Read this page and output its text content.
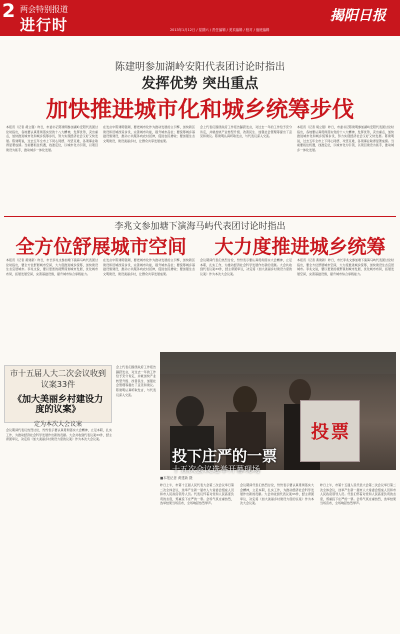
2 两会特别报道
进行时	揭阳日报
2013年1月12日 / 星期六 / 责任编辑 / 美术编辑 / 校对 / 值班编辑
陈建明参加湖岭安阳代表团讨论时指出
发挥优势 突出重点
加快推进城市化和城乡统筹步伐
本报讯（记者 胡立强）昨日，市委书记陈建明参加湖岭安阳代表团讨论时指出，各地要认真贯彻落实党的十八大精神，发挥优势，突出重点，加快推进城市化和城乡统筹步伐，努力实现经济社会又好又快发展。陈建明说，过去五年全市上下同心同德、攻坚克难，各项事业取得显著成绩。当前要抓住机遇，找准定位，以城市化为引领，以项目建设为抓手，推动城乡一体化发展。
在发言中陈建明强调，要把城市化作为推动发展的主引擎，加快新区建设和旧城改造步伐，完善城市功能，提升城市品位；要统筹城乡基础设施建设，推动公共服务向农村延伸，促进农民增收；要加强生态文明建设，建设美丽乡村，让群众共享发展成果。
会上代表们围绕政府工作报告踊跃发言，对过去一年的工作给予充分肯定，并就加快产业转型升级、改善民生、加强社会管理等提出了意见和建议。陈建明认真听取发言，与代表们深入交流。
本报讯（记者 胡立强）昨日，市委书记陈建明参加湖岭安阳代表团讨论时指出，各地要认真贯彻落实党的十八大精神，发挥优势，突出重点，加快推进城市化和城乡统筹步伐，努力实现经济社会又好又快发展。陈建明说，过去五年全市上下同心同德、攻坚克难，各项事业取得显著成绩。当前要抓住机遇，找准定位，以城市化为引领，以项目建设为抓手，推动城乡一体化发展。
李兆文参加塘下演海马屿代表团讨论时指出
全方位舒展城市空间	大力度推进城乡统筹
本报讯（记者 黄建新）昨日，市长李兆文参加塘下演海马屿代表团讨论时指出，要全方位舒展城市空间，大力度推进城乡统筹，加快建设生态宜居城市。李兆文说，要以更宽的视野谋划城市发展，优化城市布局，拓展发展空间，完善基础设施，提升城市综合承载能力。
在发言中陈建明强调，要把城市化作为推动发展的主引擎，加快新区建设和旧城改造步伐，完善城市功能，提升城市品位；要统筹城乡基础设施建设，推动公共服务向农村延伸，促进农民增收；要加强生态文明建设，建设美丽乡村，让群众共享发展成果。
会议期间代表们热烈讨论，纷纷表示要认真贯彻落实大会精神，立足本职，扎实工作，为推动经济社会科学发展作出新的贡献。大会共收到代表议案33件，经主席团审议，决定将《加大美丽乡村建设力度的议案》作为本次大会议案。
本报讯（记者 黄建新）昨日，市长李兆文参加塘下演海马屿代表团讨论时指出，要全方位舒展城市空间，大力度推进城乡统筹，加快建设生态宜居城市。李兆文说，要以更宽的视野谋划城市发展，优化城市布局，拓展发展空间，完善基础设施，提升城市综合承载能力。
市十五届人大二次会议收到议案33件
《加大美丽乡村建设力度的议案》
定为本次大会议案
会议期间代表们热烈讨论，纷纷表示要认真贯彻落实大会精神，立足本职，扎实工作，为推动经济社会科学发展作出新的贡献。大会共收到代表议案33件，经主席团审议，决定将《加大美丽乡村建设力度的议案》作为本次大会议案。
会上代表们围绕政府工作报告踊跃发言，对过去一年的工作给予充分肯定，并就加快产业转型升级、改善民生、加强社会管理等提出了意见和建议。陈建明认真听取发言，与代表们深入交流。
投票
投下庄严的一票
十五次会议选举开幕现场
■本报记者 黄建新 摄
昨日上午，市第十五届人民代表大会第二次会议举行第二次全体会议，选举产生新一届市人大常委会组成人员和市人民政府领导人员。代表们怀着对党和人民高度负责的态度，郑重投下庄严的一票。会场气氛庄重热烈，选举结果当场宣布，全场响起热烈掌声。
会议期间代表们热烈讨论，纷纷表示要认真贯彻落实大会精神，立足本职，扎实工作，为推动经济社会科学发展作出新的贡献。大会共收到代表议案33件，经主席团审议，决定将《加大美丽乡村建设力度的议案》作为本次大会议案。
昨日上午，市第十五届人民代表大会第二次会议举行第二次全体会议，选举产生新一届市人大常委会组成人员和市人民政府领导人员。代表们怀着对党和人民高度负责的态度，郑重投下庄严的一票。会场气氛庄重热烈，选举结果当场宣布，全场响起热烈掌声。
